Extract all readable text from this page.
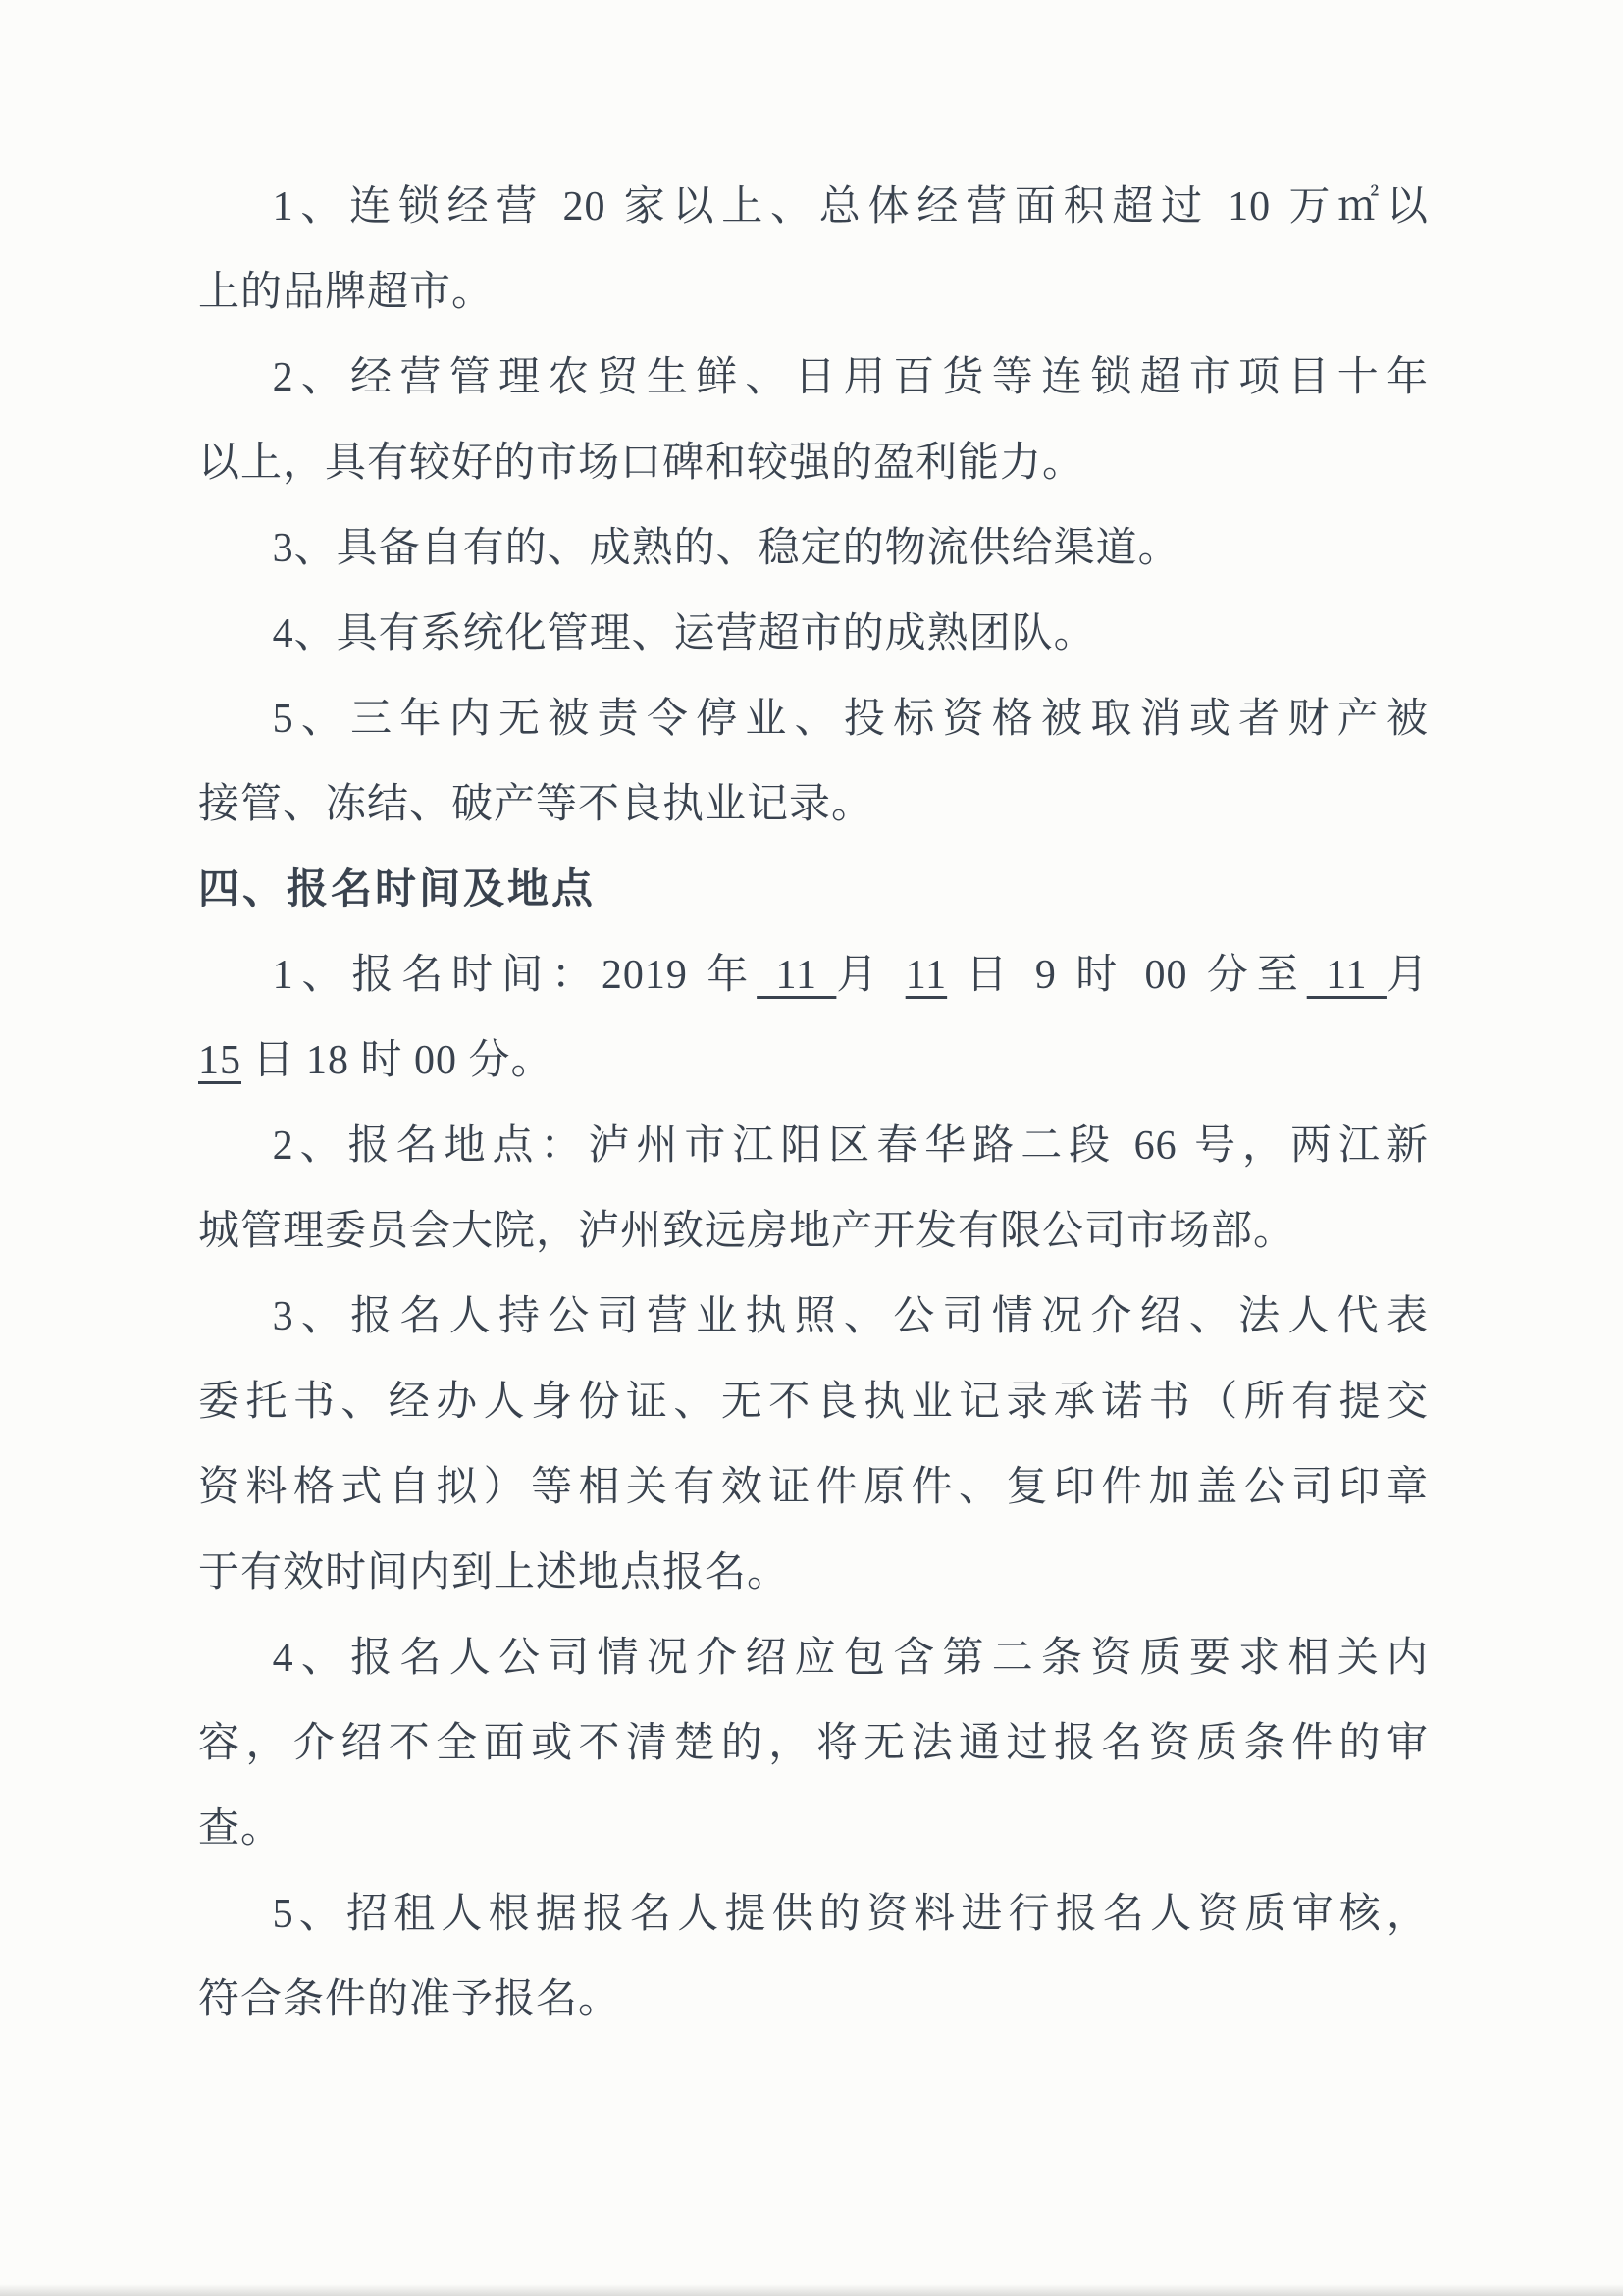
1、连锁经营 20 家以上、总体经营面积超过 10 万㎡以
上的品牌超市。
2、经营管理农贸生鲜、日用百货等连锁超市项目十年
以上，具有较好的市场口碑和较强的盈利能力。
3、具备自有的、成熟的、稳定的物流供给渠道。
4、具有系统化管理、运营超市的成熟团队。
5、三年内无被责令停业、投标资格被取消或者财产被
接管、冻结、破产等不良执业记录。
四、报名时间及地点
1、报名时间：2019 年 11 月 11 日 9 时 00 分至 11 月
15 日 18 时 00 分。
2、报名地点：泸州市江阳区春华路二段 66 号，两江新
城管理委员会大院，泸州致远房地产开发有限公司市场部。
3、报名人持公司营业执照、公司情况介绍、法人代表
委托书、经办人身份证、无不良执业记录承诺书（所有提交
资料格式自拟）等相关有效证件原件、复印件加盖公司印章
于有效时间内到上述地点报名。
4、报名人公司情况介绍应包含第二条资质要求相关内
容，介绍不全面或不清楚的，将无法通过报名资质条件的审
查。
5、招租人根据报名人提供的资料进行报名人资质审核，
符合条件的准予报名。
